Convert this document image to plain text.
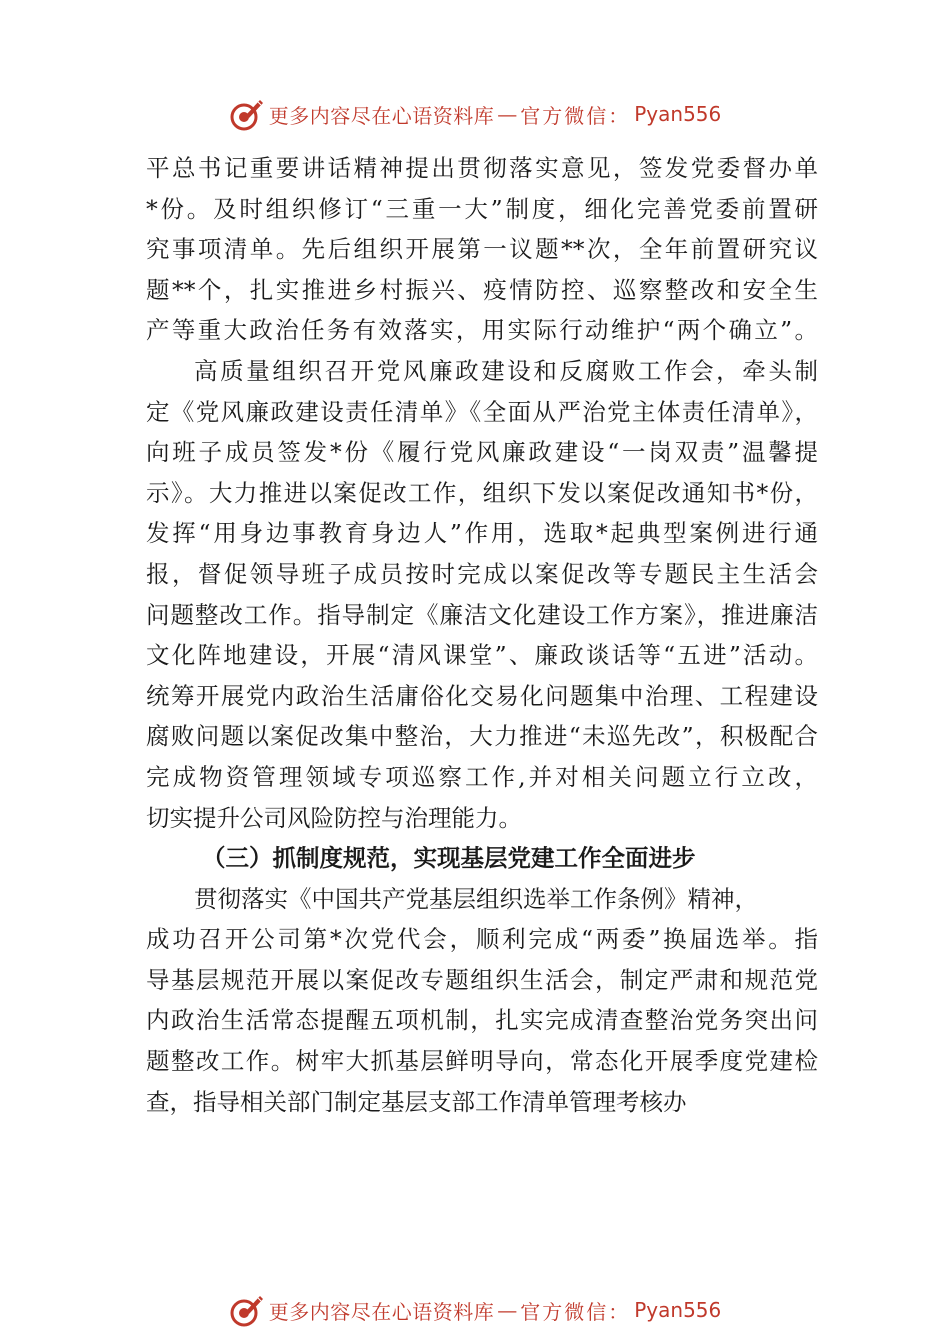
更多内容尽在心语资料库 — 官方微信： Pyan556
平总书记重要讲话精神提出贯彻落实意见，签发党委督办单
*份。及时组织修订“三重一大”制度，细化完善党委前置研
究事项清单。先后组织开展第一议题**次，全年前置研究议
题**个，扎实推进乡村振兴、疫情防控、巡察整改和安全生
产等重大政治任务有效落实，用实际行动维护“两个确立”。
高质量组织召开党风廉政建设和反腐败工作会，牵头制
定《党风廉政建设责任清单》《全面从严治党主体责任清单》，
向班子成员签发*份《履行党风廉政建设“一岗双责”温馨提
示》。大力推进以案促改工作，组织下发以案促改通知书*份，
发挥“用身边事教育身边人”作用，选取*起典型案例进行通
报，督促领导班子成员按时完成以案促改等专题民主生活会
问题整改工作。指导制定《廉洁文化建设工作方案》，推进廉洁
文化阵地建设，开展“清风课堂”、廉政谈话等“五进”活动。
统筹开展党内政治生活庸俗化交易化问题集中治理、工程建设
腐败问题以案促改集中整治，大力推进“未巡先改”，积极配合
完成物资管理领域专项巡察工作,并对相关问题立行立改，
切实提升公司风险防控与治理能力。
（三）抓制度规范，实现基层党建工作全面进步
贯彻落实《中国共产党基层组织选举工作条例》精神，
成功召开公司第*次党代会，顺利完成“两委”换届选举。指
导基层规范开展以案促改专题组织生活会，制定严肃和规范党
内政治生活常态提醒五项机制，扎实完成清查整治党务突出问
题整改工作。树牢大抓基层鲜明导向，常态化开展季度党建检
查，指导相关部门制定基层支部工作清单管理考核办
更多内容尽在心语资料库 — 官方微信： Pyan556
